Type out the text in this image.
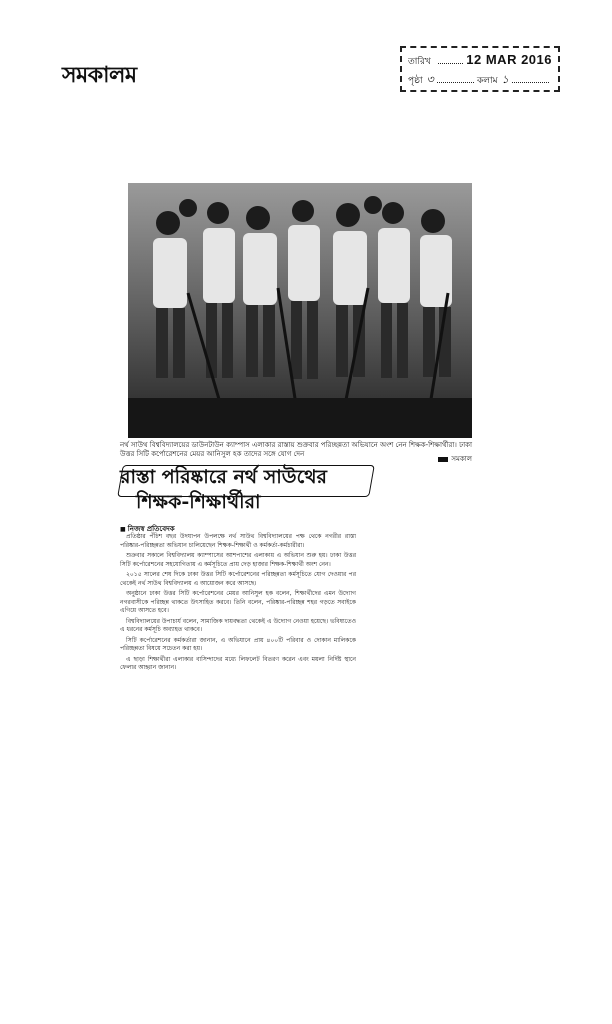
সমকালম	তারিখ	12 MAR 2016
পৃষ্ঠা ৩	কলাম ১
নর্থ সাউথ বিশ্ববিদ্যালয়ের ডাউনটাউন ক্যাম্পাস এলাকার রাস্তায় শুক্রবার পরিচ্ছন্নতা অভিযানে অংশ নেন শিক্ষক-শিক্ষার্থীরা। ঢাকা উত্তর সিটি কর্পোরেশনের মেয়র আনিসুল হক তাদের সঙ্গে যোগ দেন
সমকাল
রাস্তা পরিষ্কারে নর্থ সাউথের
শিক্ষক-শিক্ষার্থীরা
■ নিজস্ব প্রতিবেদক

প্রতিষ্ঠার পঁচিশ বছর উদযাপন উপলক্ষে নর্থ সাউথ বিশ্ববিদ্যালয়ের পক্ষ থেকে নগরীর রাস্তা পরিষ্কার-পরিচ্ছন্নতা অভিযান চালিয়েছেন শিক্ষক-শিক্ষার্থী ও কর্মকর্তা-কর্মচারীরা।

শুক্রবার সকালে বিশ্ববিদ্যালয় ক্যাম্পাসের আশপাশের এলাকায় এ অভিযান শুরু হয়। ঢাকা উত্তর সিটি কর্পোরেশনের সহযোগিতায় এ কর্মসূচিতে প্রায় দেড় হাজার শিক্ষক-শিক্ষার্থী অংশ নেন।

২০১৫ সালের শেষ দিকে ঢাকা উত্তর সিটি কর্পোরেশনের পরিচ্ছন্নতা কর্মসূচিতে যোগ দেওয়ার পর থেকেই নর্থ সাউথ বিশ্ববিদ্যালয় এ আয়োজন করে আসছে।

অনুষ্ঠানে ঢাকা উত্তর সিটি কর্পোরেশনের মেয়র আনিসুল হক বলেন, শিক্ষার্থীদের এমন উদ্যোগ নগরবাসীকে পরিচ্ছন্ন থাকতে উৎসাহিত করবে। তিনি বলেন, পরিষ্কার-পরিচ্ছন্ন শহর গড়তে সবাইকে এগিয়ে আসতে হবে।

বিশ্ববিদ্যালয়ের উপাচার্য বলেন, সামাজিক দায়বদ্ধতা থেকেই এ উদ্যোগ নেওয়া হয়েছে। ভবিষ্যতেও এ ধরনের কর্মসূচি অব্যাহত থাকবে।

সিটি কর্পোরেশনের কর্মকর্তারা জানান, এ অভিযানে প্রায় ৪০০টি পরিবার ও দোকান মালিককে পরিচ্ছন্নতা বিষয়ে সচেতন করা হয়।

এ ছাড়া শিক্ষার্থীরা এলাকার বাসিন্দাদের মধ্যে লিফলেট বিতরণ করেন এবং ময়লা নির্দিষ্ট স্থানে ফেলার আহ্বান জানান।
